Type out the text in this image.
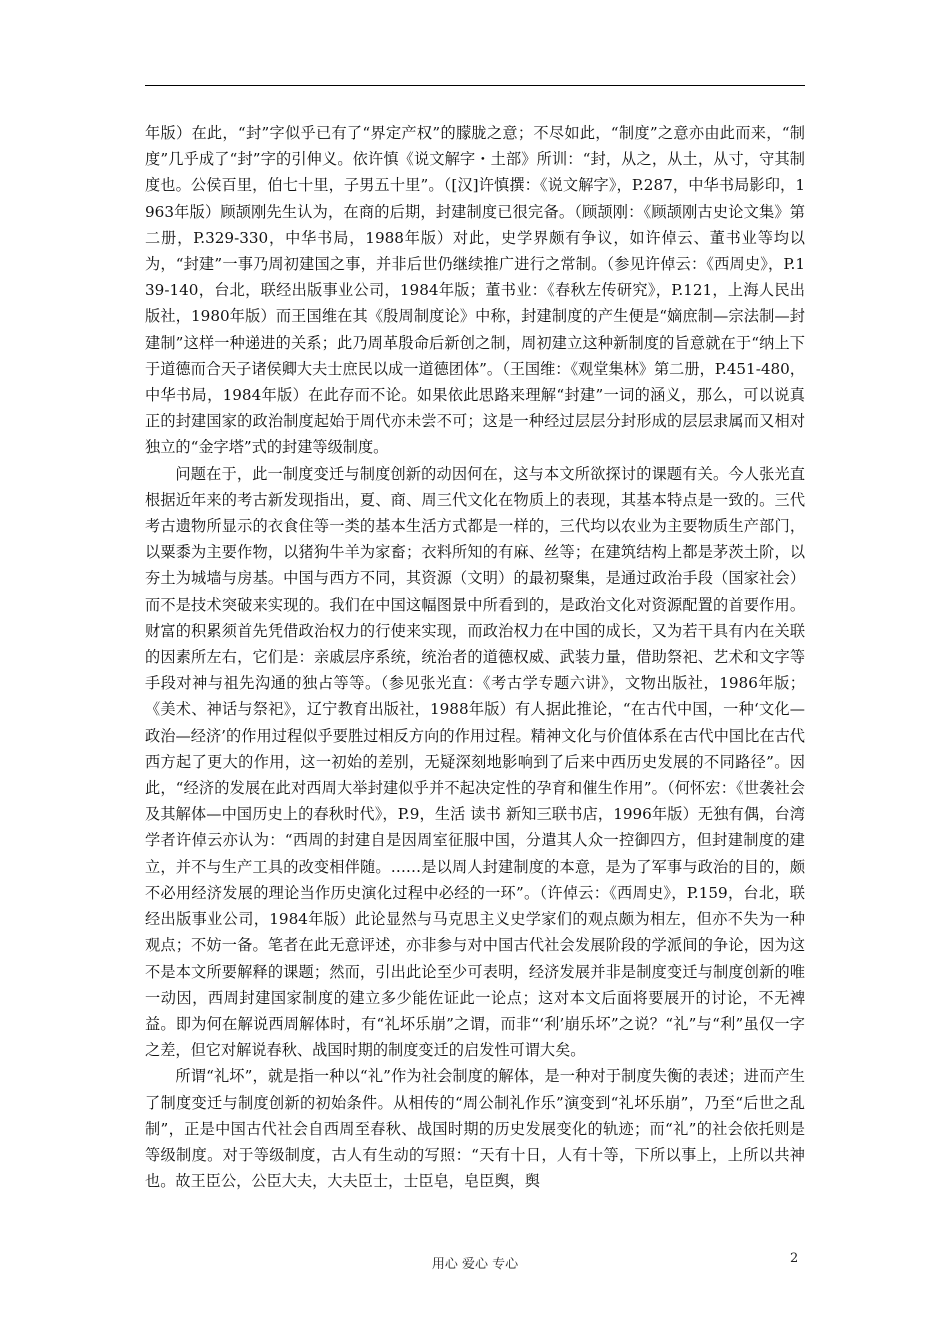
年版）在此，“封”字似乎已有了“界定产权”的朦胧之意；不尽如此，“制度”之意亦由此而来，“制度”几乎成了“封”字的引伸义。依许慎《说文解字・土部》所训：“封，从之，从土，从寸，守其制度也。公侯百里，伯七十里，子男五十里”。（[汉]许慎撰：《说文解字》，P.287，中华书局影印，1963年版）顾颉刚先生认为，在商的后期，封建制度已很完备。（顾颉刚：《顾颉刚古史论文集》第二册，P.329-330，中华书局，1988年版）对此，史学界颇有争议，如许倬云、董书业等均以为，“封建”一事乃周初建国之事，并非后世仍继续推广进行之常制。（参见许倬云：《西周史》，P.139-140，台北，联经出版事业公司，1984年版；董书业：《春秋左传研究》，P.121，上海人民出版社，1980年版）而王国维在其《殷周制度论》中称，封建制度的产生便是“嫡庶制—宗法制—封建制”这样一种递进的关系；此乃周革殷命后新创之制，周初建立这种新制度的旨意就在于“纳上下于道德而合天子诸侯卿大夫士庶民以成一道德团体”。（王国维：《观堂集林》第二册，P.451-480，中华书局，1984年版）在此存而不论。如果依此思路来理解“封建”一词的涵义，那么，可以说真正的封建国家的政治制度起始于周代亦未尝不可；这是一种经过层层分封形成的层层隶属而又相对独立的“金字塔”式的封建等级制度。

问题在于，此一制度变迁与制度创新的动因何在，这与本文所欲探讨的课题有关。今人张光直根据近年来的考古新发现指出，夏、商、周三代文化在物质上的表现，其基本特点是一致的。三代考古遗物所显示的衣食住等一类的基本生活方式都是一样的，三代均以农业为主要物质生产部门，以粟黍为主要作物，以猪狗牛羊为家畜；衣料所知的有麻、丝等；在建筑结构上都是茅茨土阶，以夯土为城墙与房基。中国与西方不同，其资源（文明）的最初聚集，是通过政治手段（国家社会）而不是技术突破来实现的。我们在中国这幅图景中所看到的，是政治文化对资源配置的首要作用。财富的积累须首先凭借政治权力的行使来实现，而政治权力在中国的成长，又为若干具有内在关联的因素所左右，它们是：亲戚层序系统，统治者的道德权威、武装力量，借助祭祀、艺术和文字等手段对神与祖先沟通的独占等等。（参见张光直：《考古学专题六讲》，文物出版社，1986年版；《美术、神话与祭祀》，辽宁教育出版社，1988年版）有人据此推论，“在古代中国，一种‘文化—政治—经济’的作用过程似乎要胜过相反方向的作用过程。精神文化与价值体系在古代中国比在古代西方起了更大的作用，这一初始的差别，无疑深刻地影响到了后来中西历史发展的不同路径”。因此，“经济的发展在此对西周大举封建似乎并不起决定性的孕育和催生作用”。（何怀宏：《世袭社会及其解体—中国历史上的春秋时代》，P.9，生活 读书 新知三联书店，1996年版）无独有偶，台湾学者许倬云亦认为：“西周的封建自是因周室征服中国，分遣其人众一控御四方，但封建制度的建立，并不与生产工具的改变相伴随。……是以周人封建制度的本意，是为了军事与政治的目的，颇不必用经济发展的理论当作历史演化过程中必经的一环”。（许倬云：《西周史》，P.159，台北，联经出版事业公司，1984年版）此论显然与马克思主义史学家们的观点颇为相左，但亦不失为一种观点；不妨一备。笔者在此无意评述，亦非参与对中国古代社会发展阶段的学派间的争论，因为这不是本文所要解释的课题；然而，引出此论至少可表明，经济发展并非是制度变迁与制度创新的唯一动因，西周封建国家制度的建立多少能佐证此一论点；这对本文后面将要展开的讨论，不无裨益。即为何在解说西周解体时，有“礼坏乐崩”之谓，而非“‘利’崩乐坏”之说？“礼”与“利”虽仅一字之差，但它对解说春秋、战国时期的制度变迁的启发性可谓大矣。

所谓“礼坏”，就是指一种以“礼”作为社会制度的解体，是一种对于制度失衡的表述；进而产生了制度变迁与制度创新的初始条件。从相传的“周公制礼作乐”演变到“礼坏乐崩”，乃至“后世之乱制”，正是中国古代社会自西周至春秋、战国时期的历史发展变化的轨迹；而“礼”的社会依托则是等级制度。对于等级制度，古人有生动的写照：“天有十日，人有十等，下所以事上，上所以共神也。故王臣公，公臣大夫，大夫臣士，士臣皂，皂臣舆，舆

用心 爱心 专心	2
